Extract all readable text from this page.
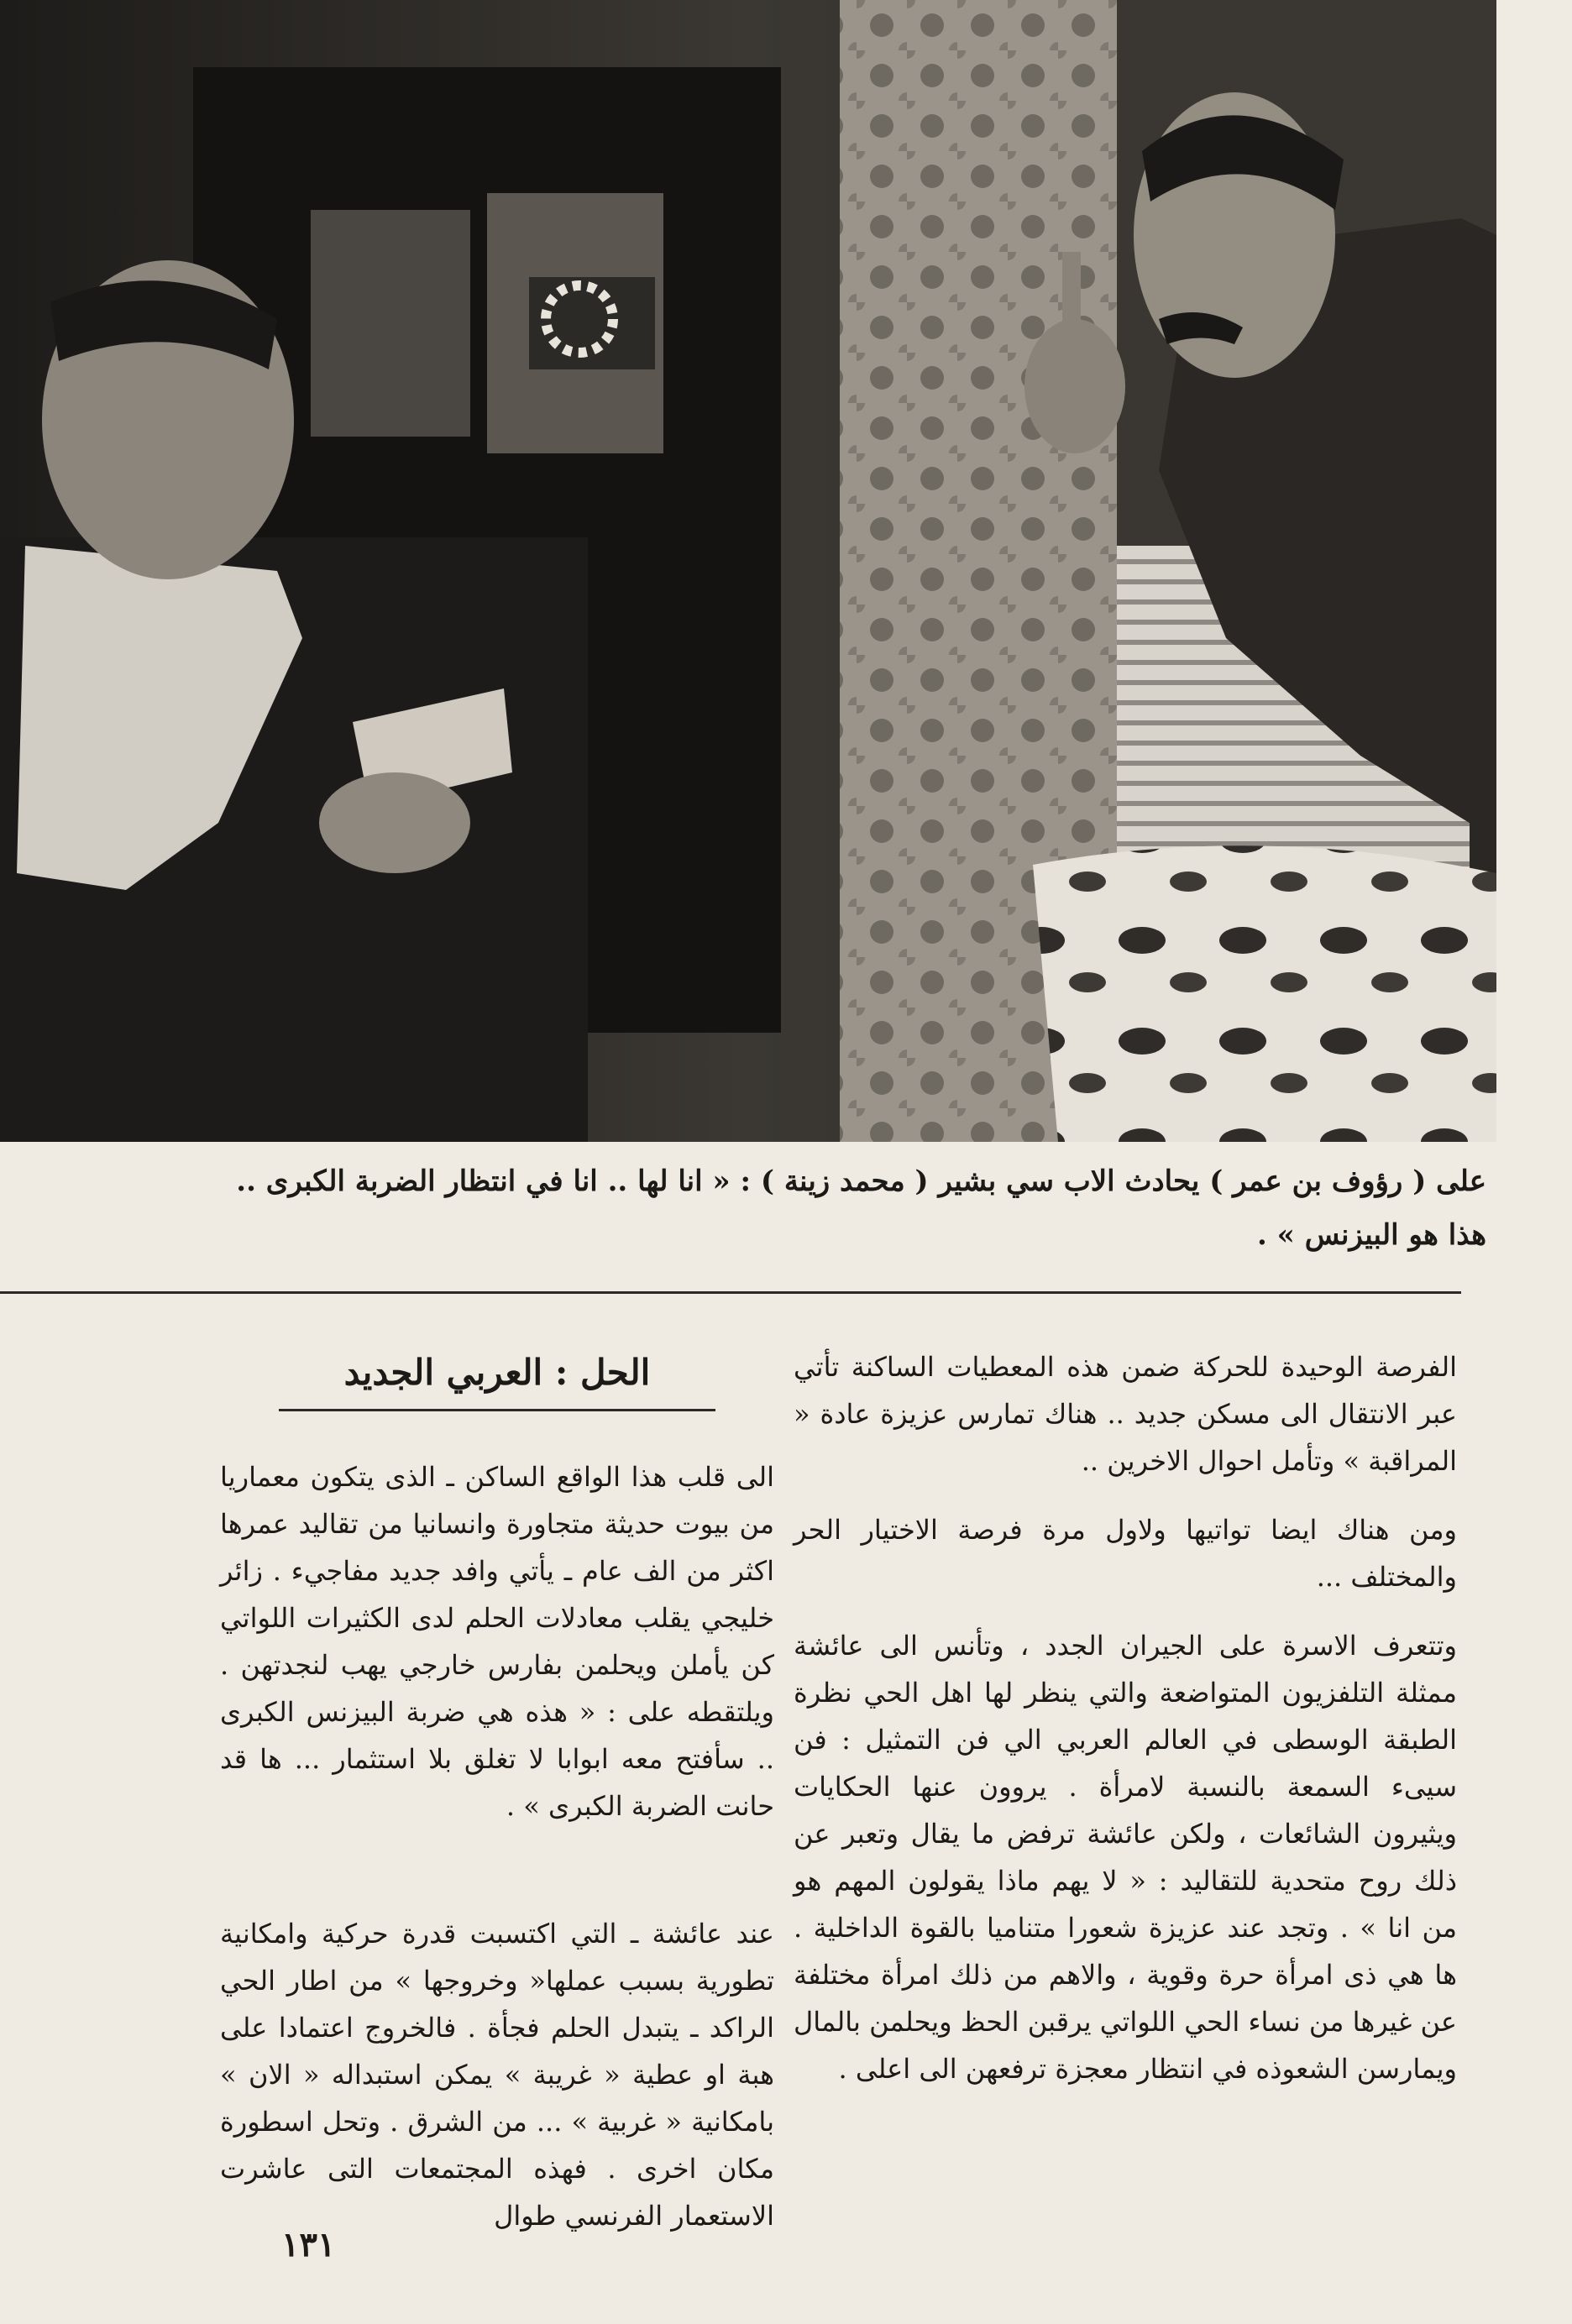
على ( رؤوف بن عمر ) يحادث الاب سي بشير ( محمد زينة ) : « انا لها .. انا في انتظار الضربة الكبرى .. هذا هو البيزنس » .

الفرصة الوحيدة للحركة ضمن هذه المعطيات الساكنة تأتي عبر الانتقال الى مسكن جديد .. هناك تمارس عزيزة عادة « المراقبة » وتأمل احوال الاخرين ..

ومن هناك ايضا تواتيها ولاول مرة فرصة الاختيار الحر والمختلف ...

وتتعرف الاسرة على الجيران الجدد ، وتأنس الى عائشة ممثلة التلفزيون المتواضعة والتي ينظر لها اهل الحي نظرة الطبقة الوسطى في العالم العربي الي فن التمثيل : فن سيىء السمعة بالنسبة لامرأة . يروون عنها الحكايات ويثيرون الشائعات ، ولكن عائشة ترفض ما يقال وتعبر عن ذلك روح متحدية للتقاليد : « لا يهم ماذا يقولون المهم هو من انا » . وتجد عند عزيزة شعورا متناميا بالقوة الداخلية . ها هي ذى امرأة حرة وقوية ، والاهم من ذلك امرأة مختلفة عن غيرها من نساء الحي اللواتي يرقبن الحظ ويحلمن بالمال ويمارسن الشعوذه في انتظار معجزة ترفعهن الى اعلى .

الحل : العربي الجديد

الى قلب هذا الواقع الساكن ـ الذى يتكون معماريا من بيوت حديثة متجاورة وانسانيا من تقاليد عمرها اكثر من الف عام ـ يأتي وافد جديد مفاجيء . زائر خليجي يقلب معادلات الحلم لدى الكثيرات اللواتي كن يأملن ويحلمن بفارس خارجي يهب لنجدتهن . ويلتقطه على : « هذه هي ضربة البيزنس الكبرى .. سأفتح معه ابوابا لا تغلق بلا استثمار ... ها قد حانت الضربة الكبرى » .

عند عائشة ـ التي اكتسبت قدرة حركية وامكانية تطورية بسبب عملها« وخروجها » من اطار الحي الراكد ـ يتبدل الحلم فجأة . فالخروج اعتمادا على هبة او عطية « غريبة » يمكن استبداله « الان » بامكانية « غربية » ... من الشرق . وتحل اسطورة مكان اخرى . فهذه المجتمعات التى عاشرت الاستعمار الفرنسي طوال

١٣١
